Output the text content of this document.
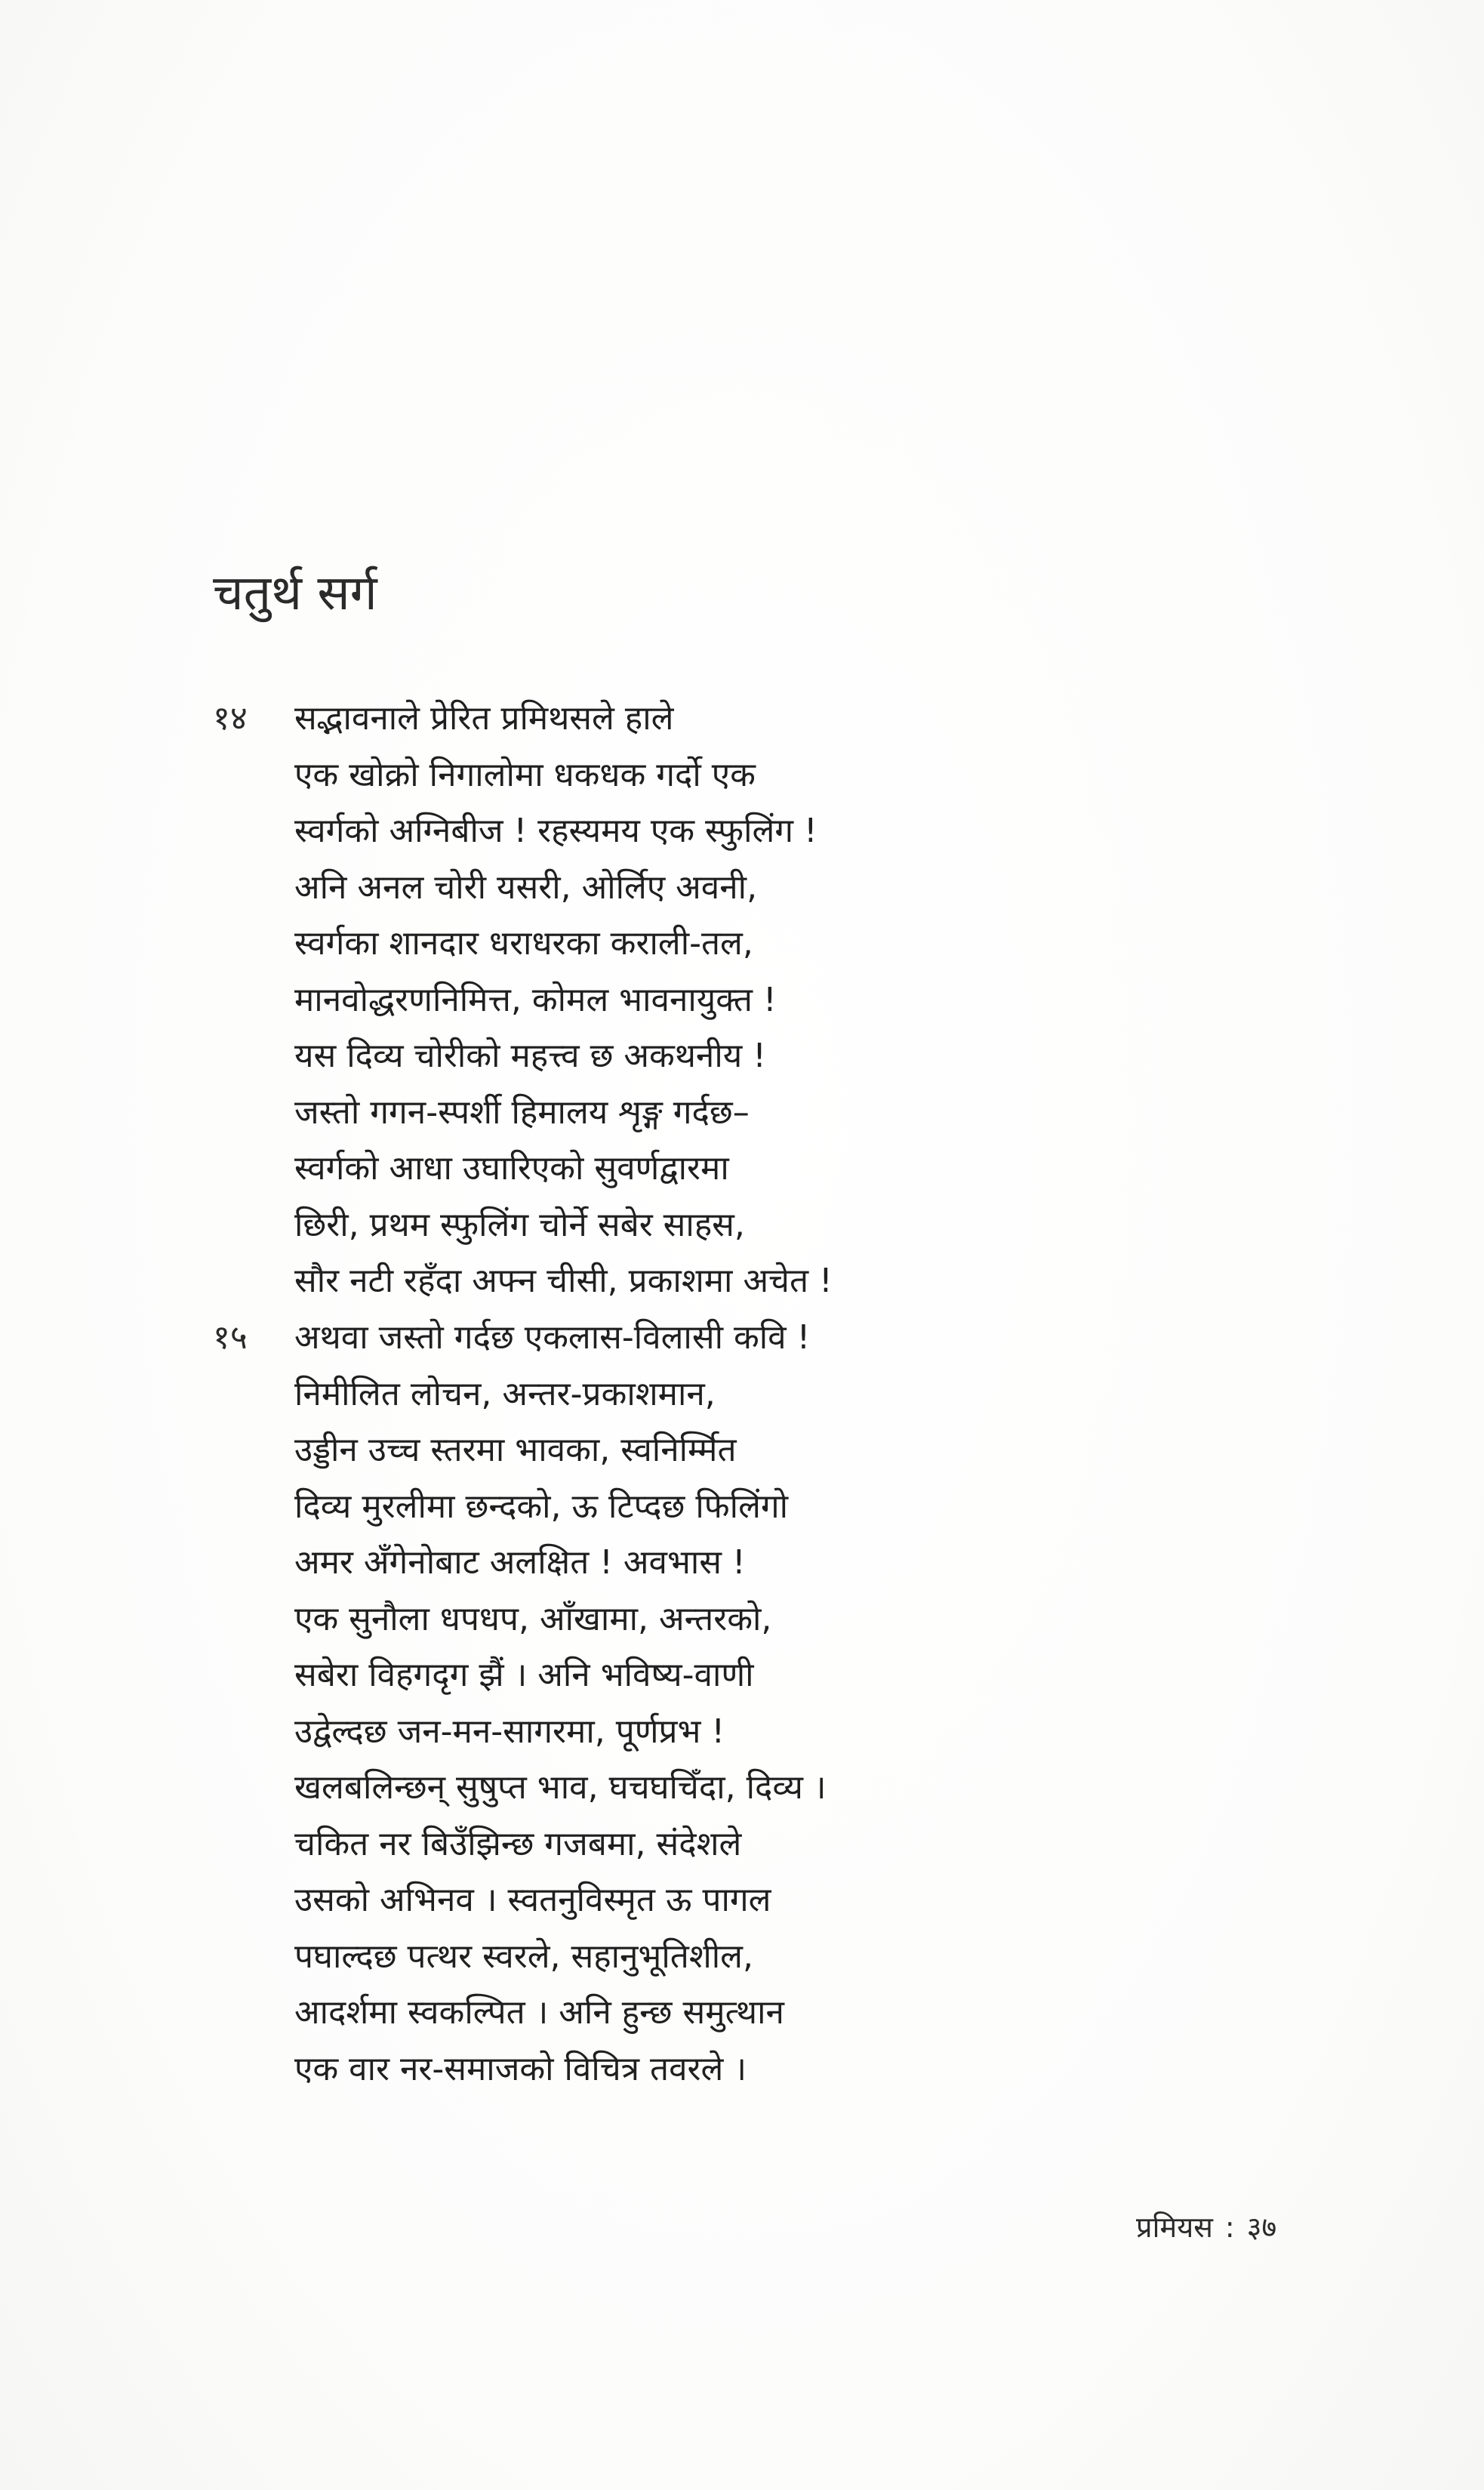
चतुर्थ सर्ग
१४	सद्भावनाले प्रेरित प्रमिथसले हाले
एक खोक्रो निगालोमा धकधक गर्दो एक
स्वर्गको अग्निबीज ! रहस्यमय एक स्फुलिंग !
अनि अनल चोरी यसरी, ओर्लिए अवनी,
स्वर्गका शानदार धराधरका कराली-तल,
मानवोद्धरणनिमित्त, कोमल भावनायुक्त !
यस दिव्य चोरीको महत्त्व छ अकथनीय !
जस्तो गगन-स्पर्शी हिमालय शृङ्ग गर्दछ–
स्वर्गको आधा उघारिएको सुवर्णद्वारमा
छिरी, प्रथम स्फुलिंग चोर्ने सबेर साहस,
सौर नटी रहँदा अफ्न चीसी, प्रकाशमा अचेत !
१५	अथवा जस्तो गर्दछ एकलास-विलासी कवि !
निमीलित लोचन, अन्तर-प्रकाशमान,
उड्डीन उच्च स्तरमा भावका, स्वनिर्म्मित
दिव्य मुरलीमा छन्दको, ऊ टिप्दछ फिलिंगो
अमर अँगेनोबाट अलक्षित ! अवभास !
एक सुनौला धपधप, आँखामा, अन्तरको,
सबेरा विहगदृग झैं । अनि भविष्य-वाणी
उद्वेल्दछ जन-मन-सागरमा, पूर्णप्रभ !
खलबलिन्छन् सुषुप्त भाव, घचघचिँदा, दिव्य ।
चकित नर बिउँझिन्छ गजबमा, संदेशले
उसको अभिनव । स्वतनुविस्मृत ऊ पागल
पघाल्दछ पत्थर स्वरले, सहानुभूतिशील,
आदर्शमा स्वकल्पित । अनि हुन्छ समुत्थान
एक वार नर-समाजको विचित्र तवरले ।
प्रमियस : ३७
